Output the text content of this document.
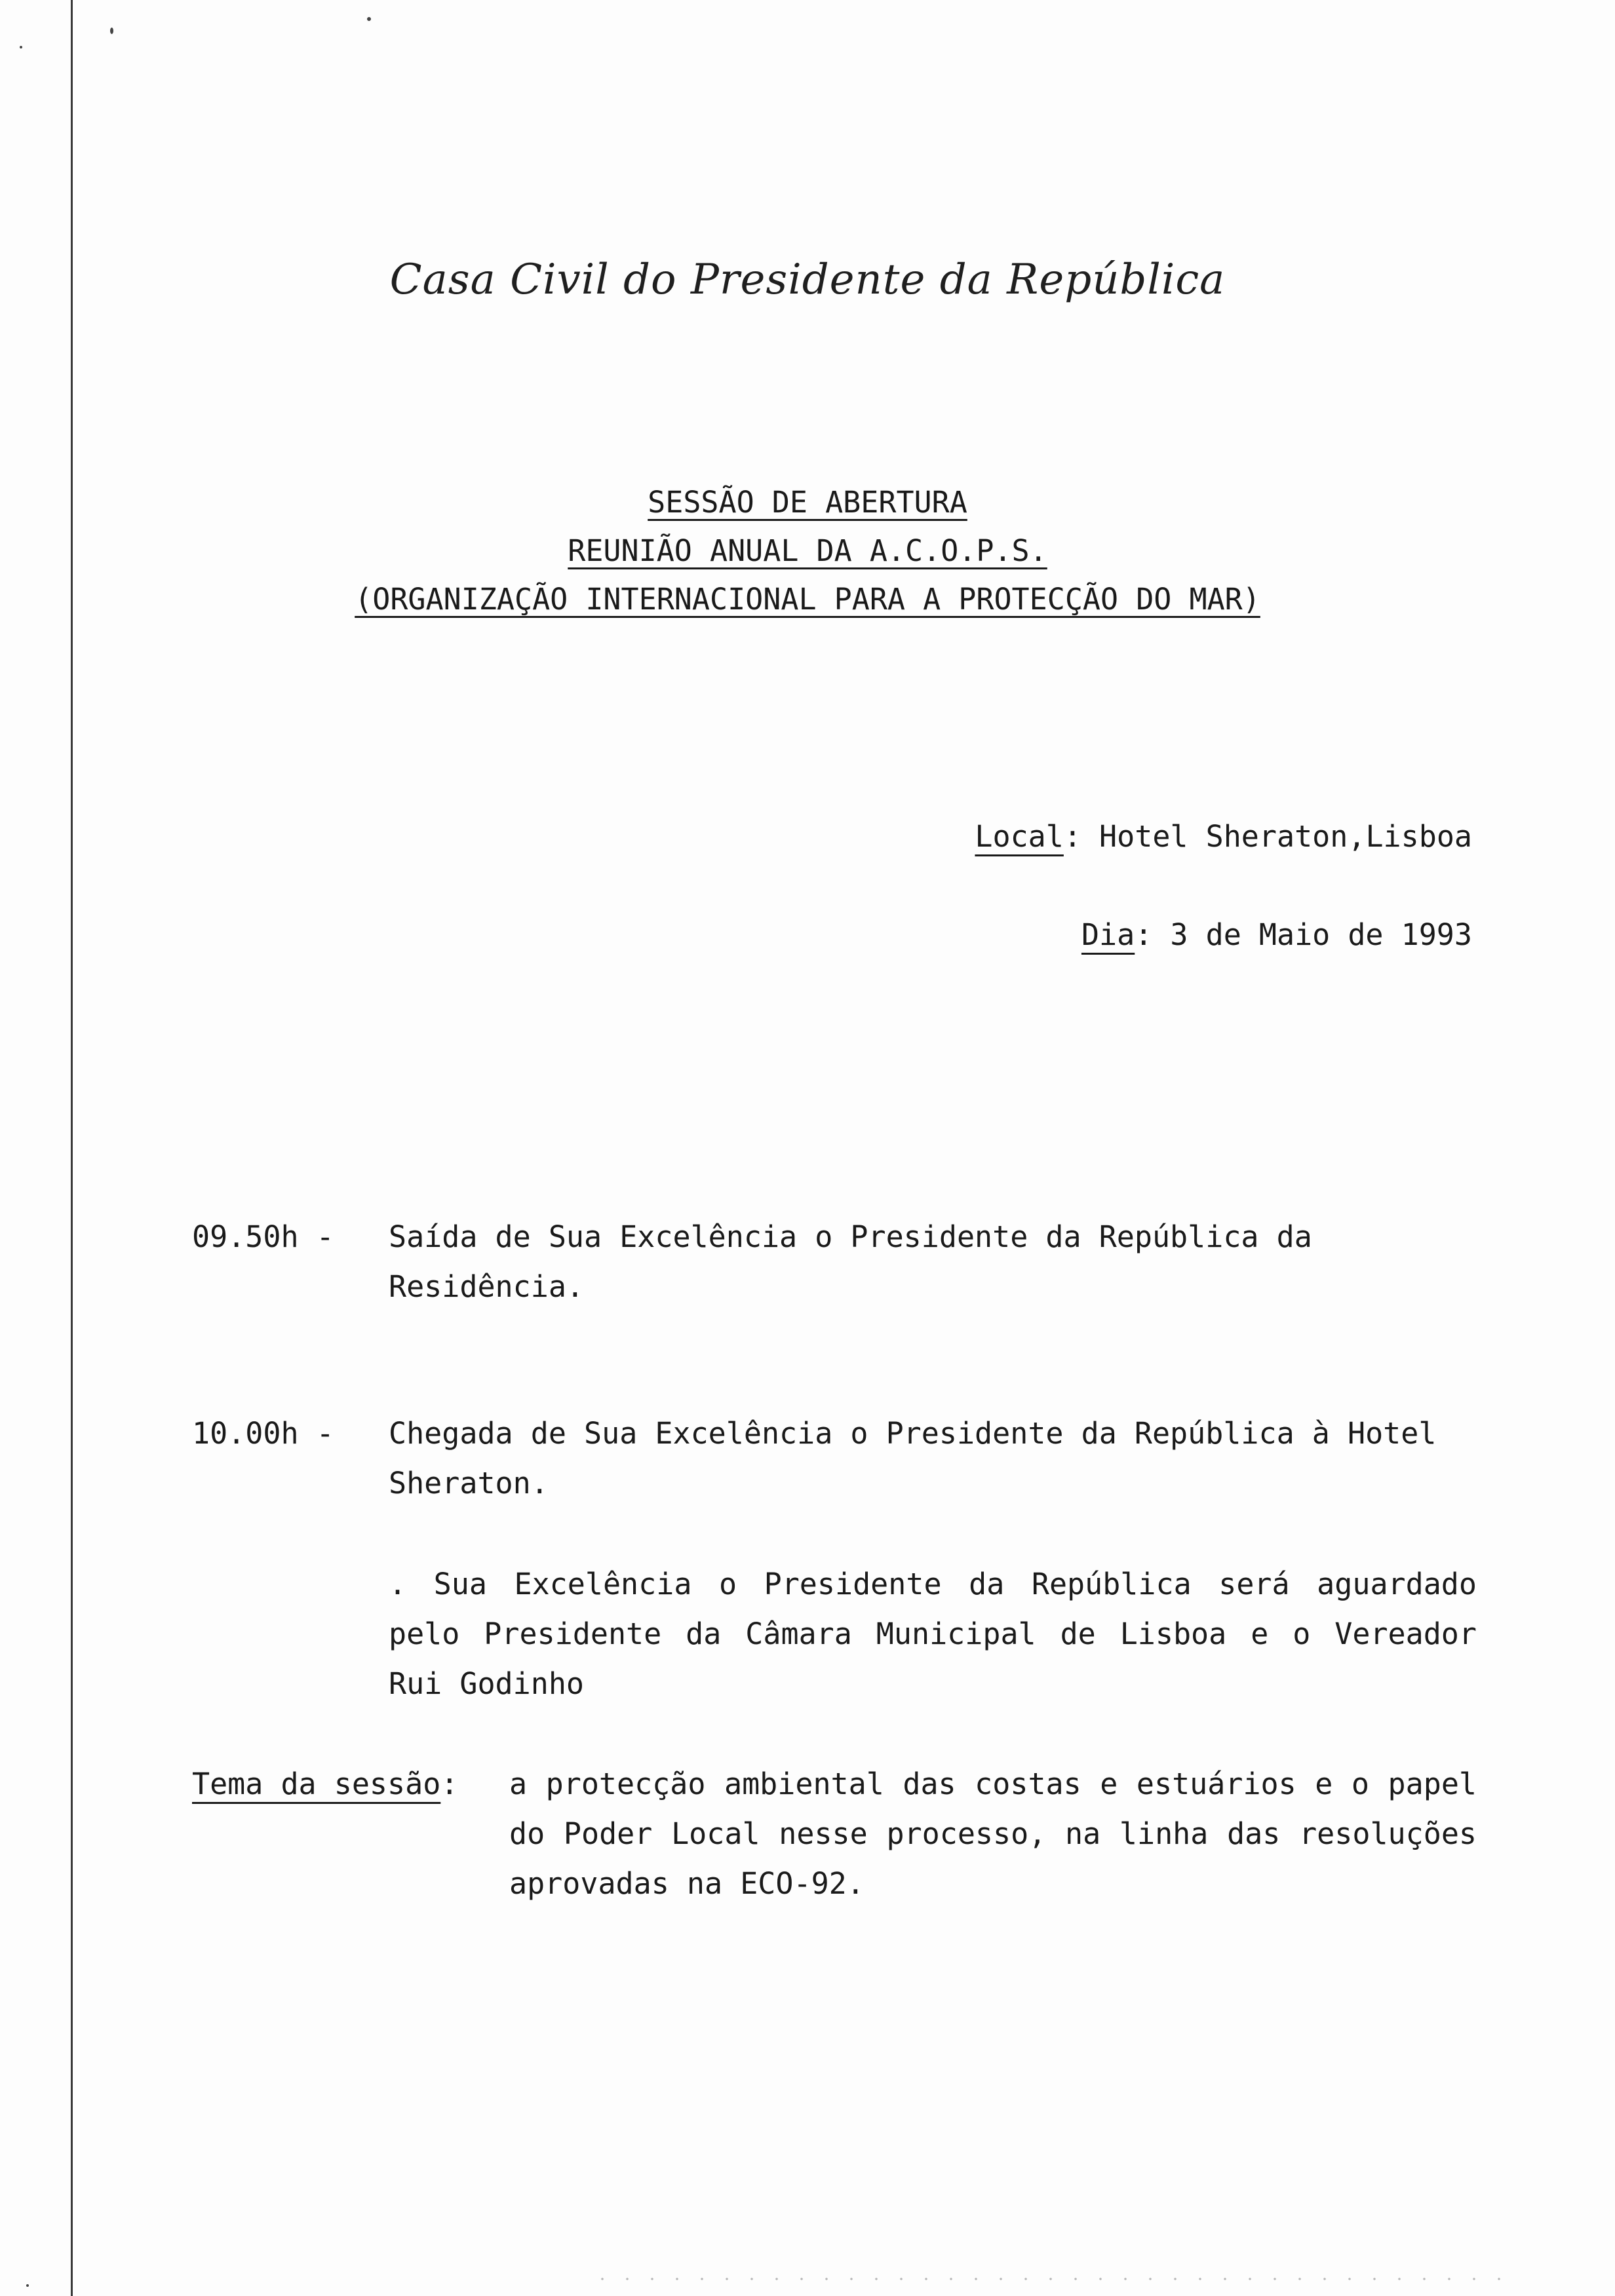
Casa Civil do Presidente da República
SESSÃO DE ABERTURA
REUNIÃO ANUAL DA A.C.O.P.S.
(ORGANIZAÇÃO INTERNACIONAL PARA A PROTECÇÃO DO MAR)
Local: Hotel Sheraton,Lisboa
Dia: 3 de Maio de 1993
09.50h - Saída de Sua Excelência o Presidente da República da Residência.
10.00h - Chegada de Sua Excelência o Presidente da República à Hotel Sheraton.
. Sua Excelência o Presidente da República será aguardado pelo Presidente da Câmara Municipal de Lisboa e o Vereador Rui Godinho
Tema da sessão: a protecção ambiental das costas e estuários e o papel do Poder Local nesse processo, na linha das resoluções aprovadas na ECO-92.
